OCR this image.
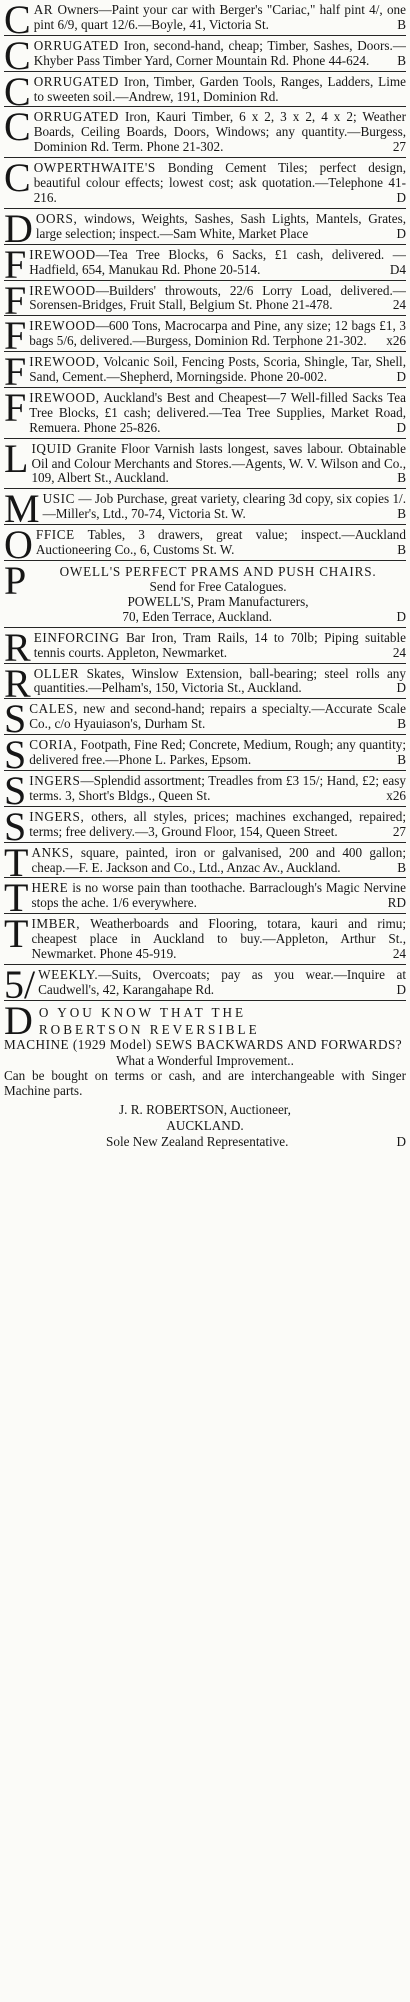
CAR Owners—Paint your car with Berger's "Cariac," half pint 4/, one pint 6/9, quart 12/6.—Boyle, 41, Victoria St.	B
CORRUGATED Iron, second-hand, cheap; Timber, Sashes, Doors.—Khyber Pass Timber Yard, Corner Mountain Rd. Phone 44-624. B
CORRUGATED Iron, Timber, Garden Tools, Ranges, Ladders, Lime to sweeten soil.—Andrew, 191, Dominion Rd.
CORRUGATED Iron, Kauri Timber, 6 x 2, 3 x 2, 4 x 2; Weather Boards, Ceiling Boards, Doors, Windows; any quantity.—Burgess, Dominion Rd. Term. Phone 21-302.	27
COWPERTHWAITE'S Bonding Cement Tiles; perfect design, beautiful colour effects; lowest cost; ask quotation.—Telephone 41-216.	D
DOORS, windows, Weights, Sashes, Sash Lights, Mantels, Grates, large selection; inspect.—Sam White, Market Place	D
FIREWOOD—Tea Tree Blocks, 6 Sacks, £1 cash, delivered. — Hadfield, 654, Manukau Rd. Phone 20-514.	D4
FIREWOOD—Builders' throwouts, 22/6 Lorry Load, delivered.—Sorensen-Bridges, Fruit Stall, Belgium St. Phone 21-478.	24
FIREWOOD—600 Tons, Macrocarpa and Pine, any size; 12 bags £1, 3 bags 5/6, delivered.—Burgess, Dominion Rd. Terphone 21-302. x26
FIREWOOD, Volcanic Soil, Fencing Posts, Scoria, Shingle, Tar, Shell, Sand, Cement.—Shepherd, Morningside. Phone 20-002.	D
FIREWOOD, Auckland's Best and Cheapest—7 Well-filled Sacks Tea Tree Blocks, £1 cash; delivered.—Tea Tree Supplies, Market Road, Remuera. Phone 25-826.	D
LIQUID Granite Floor Varnish lasts longest, saves labour. Obtainable Oil and Colour Merchants and Stores.—Agents, W. V. Wilson and Co., 109, Albert St., Auckland.	B
MUSIC — Job Purchase, great variety, clearing 3d copy, six copies 1/.—Miller's, Ltd., 70-74, Victoria St. W.	B
OFFICE Tables, 3 drawers, great value; inspect.—Auckland Auctioneering Co., 6, Customs St. W.	B
P OWELL'S PERFECT PRAMS AND PUSH CHAIRS.
Send for Free Catalogues.
POWELL'S, Pram Manufacturers,
70, Eden Terrace, Auckland.	D
REINFORCING Bar Iron, Tram Rails, 14 to 70lb; Piping suitable tennis courts. Appleton, Newmarket.	24
ROLLER Skates, Winslow Extension, ball-bearing; steel rolls any quantities.—Pelham's, 150, Victoria St., Auckland.	D
SCALES, new and second-hand; repairs a specialty.—Accurate Scale Co., c/o Hyauiason's, Durham St.	B
SCORIA, Footpath, Fine Red; Concrete, Medium, Rough; any quantity; delivered free.—Phone L. Parkes, Epsom.	B
SINGERS—Splendid assortment; Treadles from £3 15/; Hand, £2; easy terms. 3, Short's Bldgs., Queen St.	x26
SINGERS, others, all styles, prices; machines exchanged, repaired; terms; free delivery.—3, Ground Floor, 154, Queen Street.	27
TANKS, square, painted, iron or galvanised, 200 and 400 gallon; cheap.—F. E. Jackson and Co., Ltd., Anzac Av., Auckland.	B
THERE is no worse pain than toothache. Barraclough's Magic Nervine stops the ache. 1/6 everywhere.	RD
TIMBER, Weatherboards and Flooring, totara, kauri and rimu; cheapest place in Auckland to buy.—Appleton, Arthur St., Newmarket. Phone 45-919.	24
5/ WEEKLY.—Suits, Overcoats; pay as you wear.—Inquire at Caudwell's, 42, Karangahape Rd.	D
D O YOU KNOW THAT THE
ROBERTSON REVERSIBLE
MACHINE (1929 Model) SEWS BACKWARDS AND FORWARDS?
What a Wonderful Improvement..
Can be bought on terms or cash, and are interchangeable with Singer Machine parts.
J. R. ROBERTSON, Auctioneer,
AUCKLAND.
Sole New Zealand Representative.	D
